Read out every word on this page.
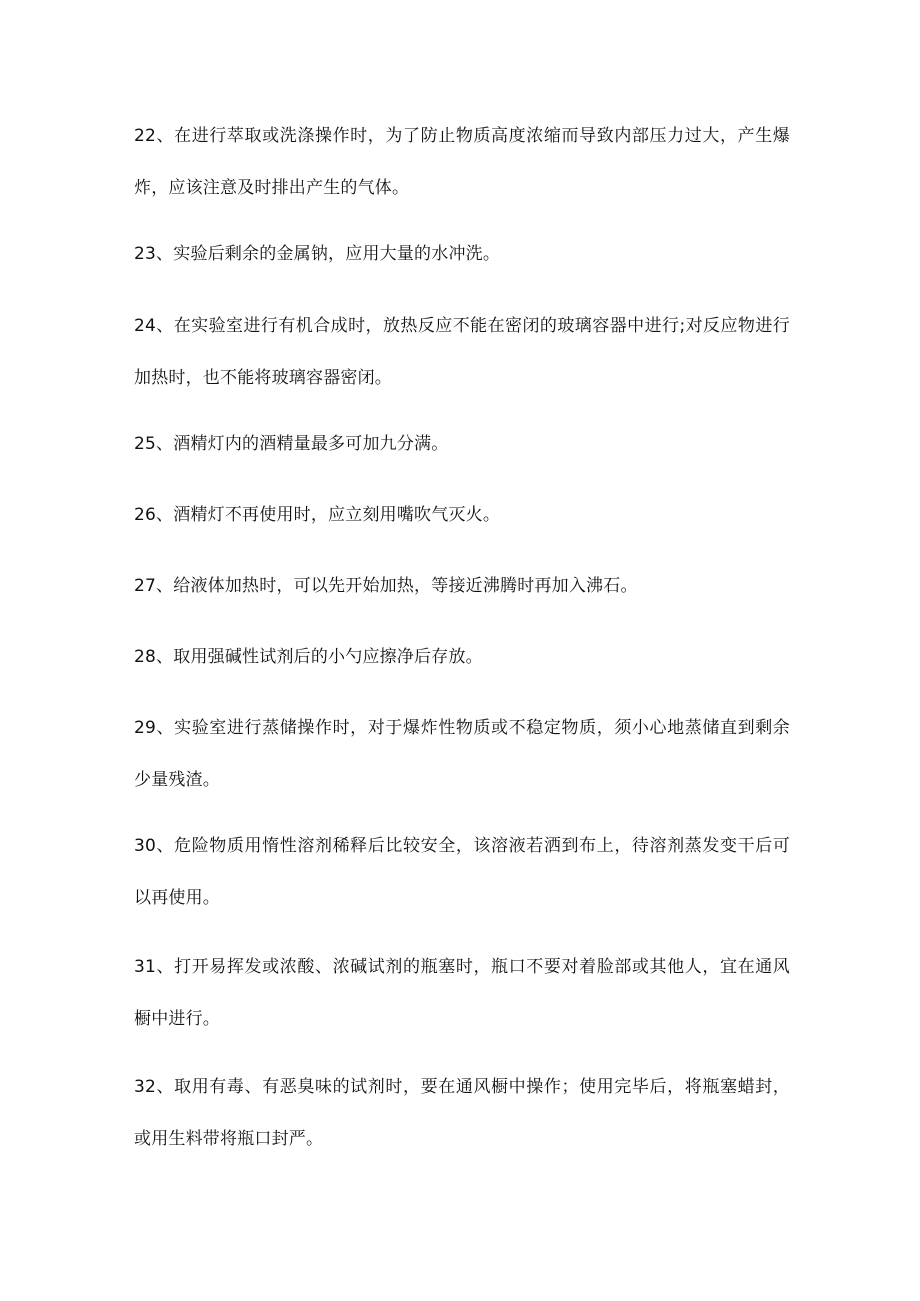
22、在进行萃取或洗涤操作时，为了防止物质高度浓缩而导致内部压力过大，产生爆炸，应该注意及时排出产生的气体。

23、实验后剩余的金属钠，应用大量的水冲洗。

24、在实验室进行有机合成时，放热反应不能在密闭的玻璃容器中进行;对反应物进行加热时，也不能将玻璃容器密闭。

25、酒精灯内的酒精量最多可加九分满。

26、酒精灯不再使用时，应立刻用嘴吹气灭火。

27、给液体加热时，可以先开始加热，等接近沸腾时再加入沸石。

28、取用强碱性试剂后的小勺应擦净后存放。

29、实验室进行蒸储操作时，对于爆炸性物质或不稳定物质，须小心地蒸储直到剩余少量残渣。

30、危险物质用惰性溶剂稀释后比较安全，该溶液若洒到布上，待溶剂蒸发变干后可以再使用。

31、打开易挥发或浓酸、浓碱试剂的瓶塞时，瓶口不要对着脸部或其他人，宜在通风橱中进行。

32、取用有毒、有恶臭味的试剂时，要在通风橱中操作；使用完毕后，将瓶塞蜡封，或用生料带将瓶口封严。
